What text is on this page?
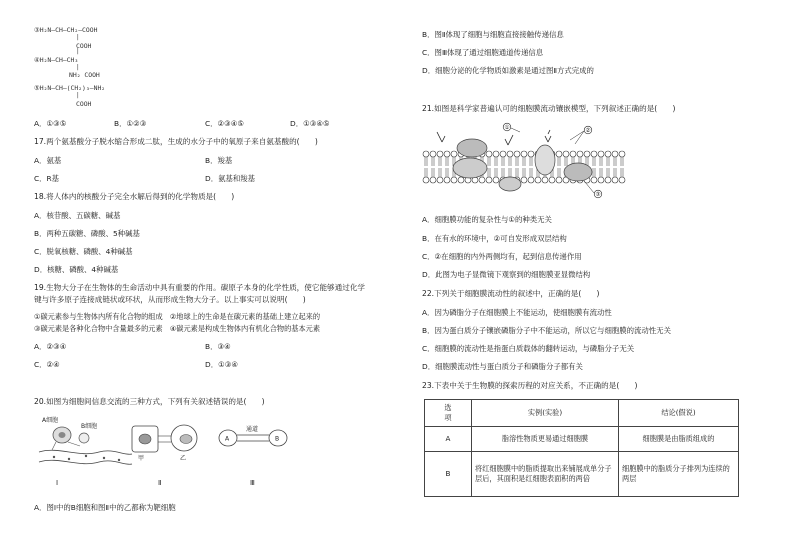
③H₂N—CH—CH₂—COOH
COOH
|
④H₂N—CH—CH₃
|
NH₂ COOH
|
⑤H₂N—CH—(CH₂)₃—NH₂
|
COOH
A．①③⑤	B．①②③	C．②③④⑤	D．①③④⑤
17.两个氨基酸分子脱水缩合形成二肽，生成的水分子中的氧原子来自氨基酸的(　　)
A．氨基	B．羧基
C．R基	D．氨基和羧基
18.将人体内的核酸分子完全水解后得到的化学物质是(　　)
A．核苷酸、五碳糖、碱基
B．两种五碳糖、磷酸、5种碱基
C．脱氧核糖、磷酸、4种碱基
D．核糖、磷酸、4种碱基
19.生物大分子在生物体的生命活动中具有重要的作用。碳原子本身的化学性质，使它能够通过化学
键与许多原子连接成链状或环状，从而形成生物大分子。以上事实可以说明(　　)
①碳元素参与生物体内所有化合物的组成　②地球上的生命是在碳元素的基础上建立起来的
③碳元素是各种化合物中含量最多的元素　④碳元素是构成生物体内有机化合物的基本元素
A．②③④	B．③④
C．②④	D．①③④
20.如图为细胞间信息交流的三种方式，下列有关叙述错误的是(　　)
A细胞
B细胞
Ⅰ
甲	乙
Ⅱ
A	B
通道
Ⅲ
A．图Ⅰ中的B细胞和图Ⅱ中的乙都称为靶细胞
B．图Ⅱ体现了细胞与细胞直接接触传递信息
C．图Ⅲ体现了通过细胞通道传递信息
D．细胞分泌的化学物质如激素是通过图Ⅱ方式完成的
21.如图是科学家普遍认可的细胞膜流动镶嵌模型，下列叙述正确的是(　　)
①	②
③
A．细胞膜功能的复杂性与①的种类无关
B．在有水的环境中，②可自发形成双层结构
C．②在细胞的内外两侧均有，起到信息传递作用
D．此图为电子显微镜下观察到的细胞膜亚显微结构
22.下列关于细胞膜流动性的叙述中，正确的是(　　)
A．因为磷脂分子在细胞膜上不能运动，使细胞膜有流动性
B．因为蛋白质分子镶嵌磷脂分子中不能运动，所以它与细胞膜的流动性无关
C．细胞膜的流动性是指蛋白质载体的翻转运动，与磷脂分子无关
D．细胞膜流动性与蛋白质分子和磷脂分子都有关
23.下表中关于生物膜的探索历程的对应关系，不正确的是(　　)
选
项	实例(实验)	结论(假说)
A	脂溶性物质更易通过细胞膜	细胞膜是由脂质组成的
B	将红细胞膜中的脂质提取出来铺展成单分子层后，其面积是红细胞表面积的两倍	细胞膜中的脂质分子排列为连续的两层
